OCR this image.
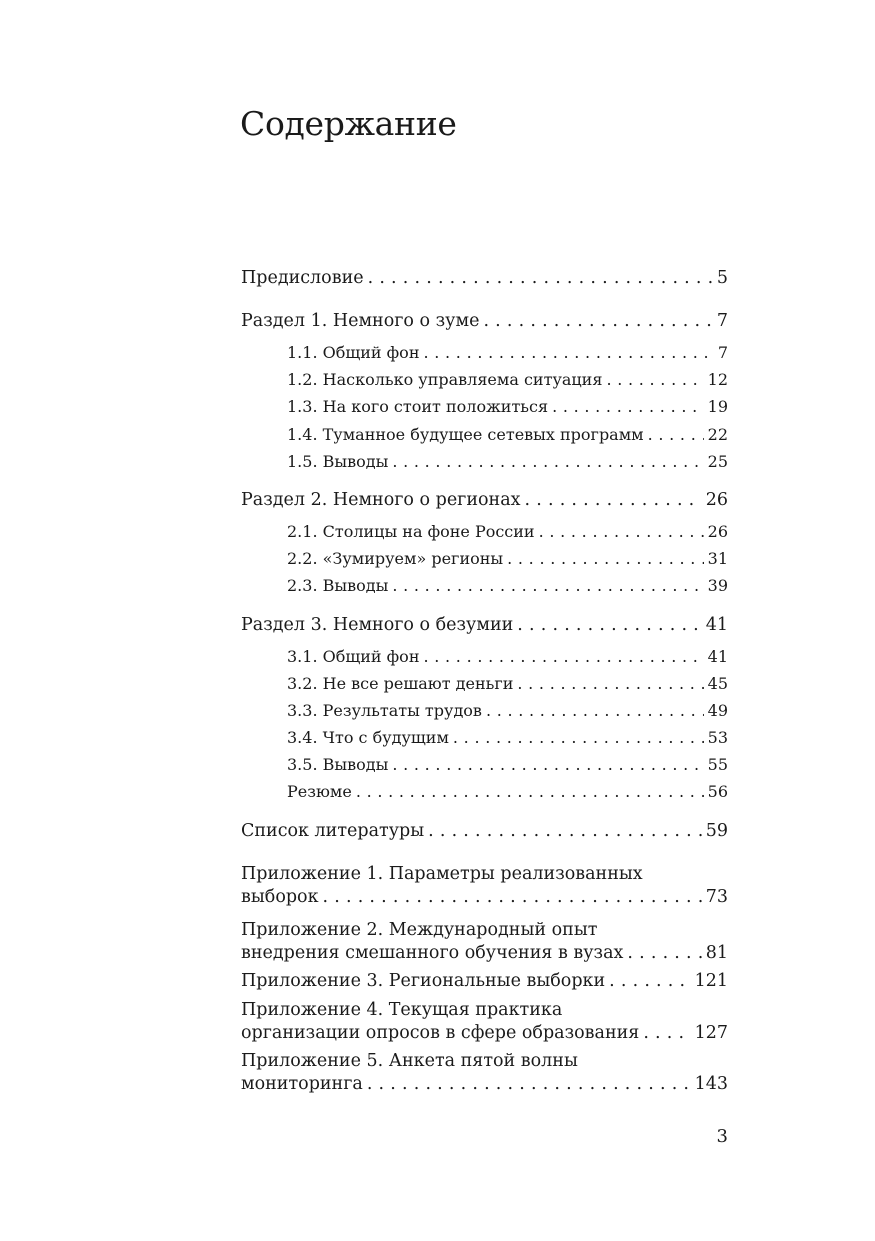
Содержание
Предисловие . . .	5
Раздел 1. Немного о зуме . . .	7
1.1. Общий фон . . .	7
1.2. Насколько управляема ситуация . . .	12
1.3. На кого стоит положиться . . .	19
1.4. Туманное будущее сетевых программ . . .	22
1.5. Выводы . . .	25
Раздел 2. Немного о регионах . . .	26
2.1. Столицы на фоне России . . .	26
2.2. «Зумируем» регионы . . .	31
2.3. Выводы . . .	39
Раздел 3. Немного о безумии . . .	41
3.1. Общий фон . . .	41
3.2. Не все решают деньги . . .	45
3.3. Результаты трудов . . .	49
3.4. Что с будущим . . .	53
3.5. Выводы . . .	55
Резюме . . .	56
Список литературы . . .	59
Приложение 1. Параметры реализованных
выборок . . .	73
Приложение 2. Международный опыт
внедрения смешанного обучения в вузах . . .	81
Приложение 3. Региональные выборки . . .	121
Приложение 4. Текущая практика
организации опросов в сфере образования . . .	127
Приложение 5. Анкета пятой волны
мониторинга . . .	143
3
